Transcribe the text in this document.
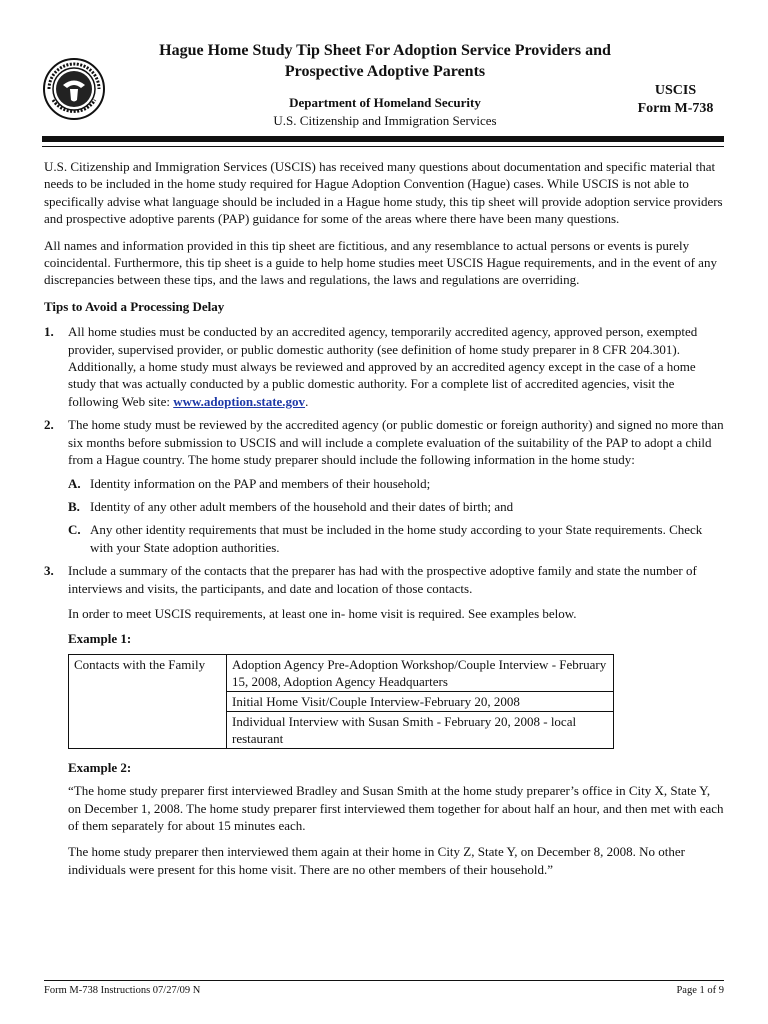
Hague Home Study Tip Sheet For Adoption Service Providers and
Prospective Adoptive Parents
Department of Homeland Security
U.S. Citizenship and Immigration Services
USCIS
Form M-738

U.S. Citizenship and Immigration Services (USCIS) has received many questions about documentation and specific material that needs to be included in the home study required for Hague Adoption Convention (Hague) cases. While USCIS is not able to specifically advise what language should be included in a Hague home study, this tip sheet will provide adoption service providers and prospective adoptive parents (PAP) guidance for some of the areas where there have been many questions.

All names and information provided in this tip sheet are fictitious, and any resemblance to actual persons or events is purely coincidental. Furthermore, this tip sheet is a guide to help home studies meet USCIS Hague requirements, and in the event of any discrepancies between these tips, and the laws and regulations, the laws and regulations are overriding.

Tips to Avoid a Processing Delay
1. All home studies must be conducted by an accredited agency, temporarily accredited agency, approved person, exempted provider, supervised provider, or public domestic authority (see definition of home study preparer in 8 CFR 204.301). Additionally, a home study must always be reviewed and approved by an accredited agency except in the case of a home study that was actually conducted by a public domestic authority. For a complete list of accredited agencies, visit the following Web site: www.adoption.state.gov.
2. The home study must be reviewed by the accredited agency (or public domestic or foreign authority) and signed no more than six months before submission to USCIS and will include a complete evaluation of the suitability of the PAP to adopt a child from a Hague country. The home study preparer should include the following information in the home study:
A. Identity information on the PAP and members of their household;
B. Identity of any other adult members of the household and their dates of birth; and
C. Any other identity requirements that must be included in the home study according to your State requirements. Check with your State adoption authorities.
3. Include a summary of the contacts that the preparer has had with the prospective adoptive family and state the number of interviews and visits, the participants, and date and location of those contacts.

In order to meet USCIS requirements, at least one in- home visit is required. See examples below.

Example 1:
Contacts with the Family	Adoption Agency Pre-Adoption Workshop/Couple Interview - February 15, 2008, Adoption Agency Headquarters
Initial Home Visit/Couple Interview-February 20, 2008
Individual Interview with Susan Smith - February 20, 2008 - local restaurant
Example 2:

“The home study preparer first interviewed Bradley and Susan Smith at the home study preparer’s office in City X, State Y, on December 1, 2008. The home study preparer first interviewed them together for about half an hour, and then met with each of them separately for about 15 minutes each.

The home study preparer then interviewed them again at their home in City Z, State Y, on December 8, 2008. No other individuals were present for this home visit. There are no other members of their household.”

Form M-738 Instructions 07/27/09 N	Page 1 of 9
